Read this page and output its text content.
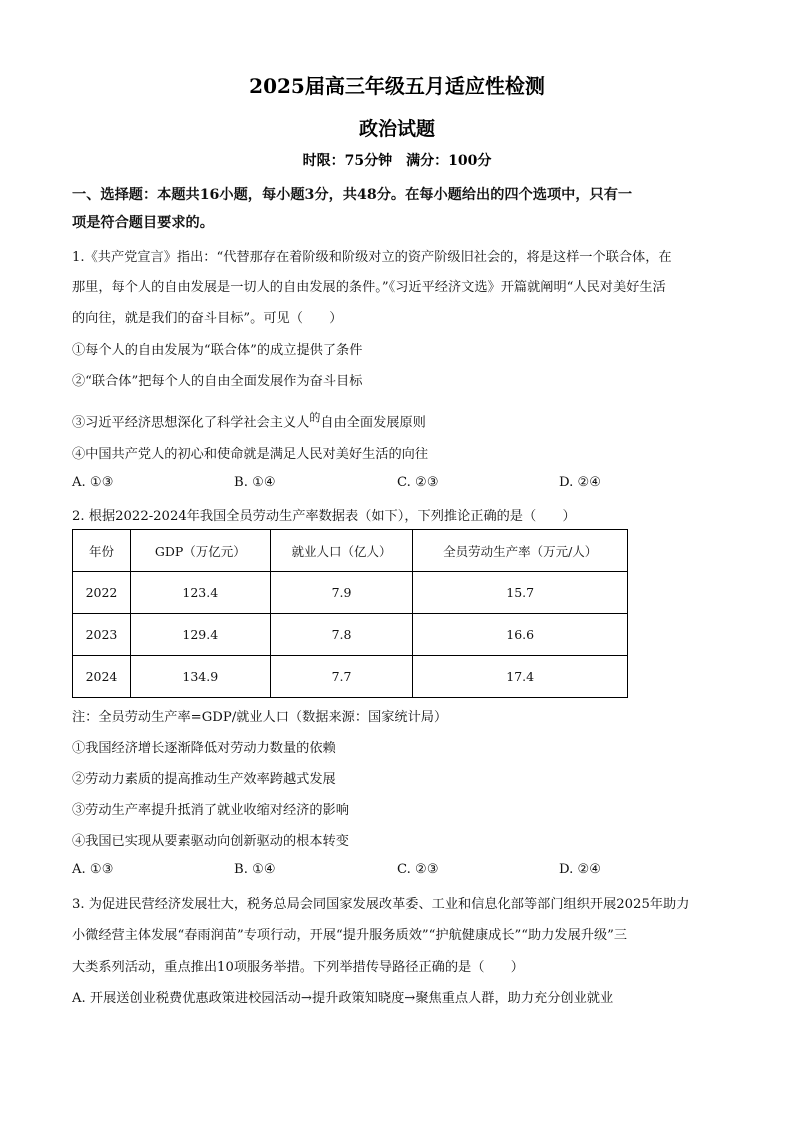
2025届高三年级五月适应性检测
政治试题
时限：75分钟　满分：100分
一、选择题：本题共16小题，每小题3分，共48分。在每小题给出的四个选项中，只有一
项是符合题目要求的。
1.《共产党宣言》指出：“代替那存在着阶级和阶级对立的资产阶级旧社会的，将是这样一个联合体，在
那里，每个人的自由发展是一切人的自由发展的条件。”《习近平经济文选》开篇就阐明“人民对美好生活
的向往，就是我们的奋斗目标”。可见（　　）
①每个人的自由发展为“联合体”的成立提供了条件
②“联合体”把每个人的自由全面发展作为奋斗目标
③习近平经济思想深化了科学社会主义人$^的$自由全面发展原则
④中国共产党人的初心和使命就是满足人民对美好生活的向往
A. ①③	B. ①④	C. ②③	D. ②④
2. 根据2022-2024年我国全员劳动生产率数据表（如下），下列推论正确的是（　　）
年份	GDP（万亿元）	就业人口（亿人）	全员劳动生产率（万元/人）
2022	123.4	7.9	15.7
2023	129.4	7.8	16.6
2024	134.9	7.7	17.4
注：全员劳动生产率=GDP/就业人口（数据来源：国家统计局）
①我国经济增长逐渐降低对劳动力数量的依赖
②劳动力素质的提高推动生产效率跨越式发展
③劳动生产率提升抵消了就业收缩对经济的影响
④我国已实现从要素驱动向创新驱动的根本转变
A. ①③	B. ①④	C. ②③	D. ②④
3. 为促进民营经济发展壮大，税务总局会同国家发展改革委、工业和信息化部等部门组织开展2025年助力
小微经营主体发展“春雨润苗”专项行动，开展“提升服务质效”“护航健康成长”“助力发展升级”三
大类系列活动，重点推出10项服务举措。下列举措传导路径正确的是（　　）
A. 开展送创业税费优惠政策进校园活动→提升政策知晓度→聚焦重点人群，助力充分创业就业
